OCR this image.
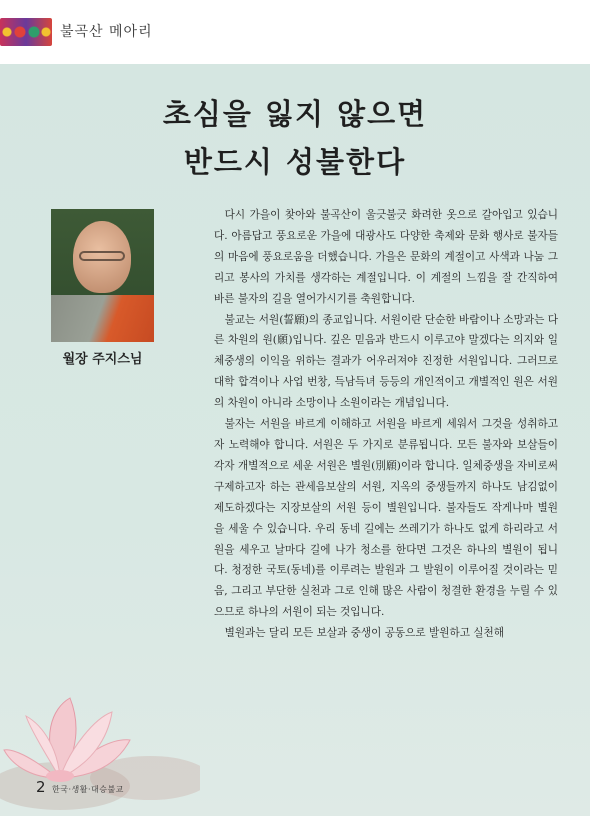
불곡산 메아리
초심을 잃지 않으면
반드시 성불한다
월장 주지스님

다시 가을이 찾아와 불곡산이 울긋불긋 화려한 옷으로 갈아입고 있습니다. 아름답고 풍요로운 가을에 대광사도 다양한 축제와 문화 행사로 불자들의 마음에 풍요로움을 더했습니다. 가을은 문화의 계절이고 사색과 나눔 그리고 봉사의 가치를 생각하는 계절입니다. 이 계절의 느낌을 잘 간직하여 바른 불자의 길을 열어가시기를 축원합니다.

불교는 서원(誓願)의 종교입니다. 서원이란 단순한 바람이나 소망과는 다른 차원의 원(願)입니다. 깊은 믿음과 반드시 이루고야 말겠다는 의지와 일체중생의 이익을 위하는 결과가 어우러져야 진정한 서원입니다. 그러므로 대학 합격이나 사업 번창, 득남득녀 등등의 개인적이고 개별적인 원은 서원의 차원이 아니라 소망이나 소원이라는 개념입니다.

불자는 서원을 바르게 이해하고 서원을 바르게 세워서 그것을 성취하고자 노력해야 합니다. 서원은 두 가지로 분류됩니다. 모든 불자와 보살들이 각자 개별적으로 세운 서원은 별원(別願)이라 합니다. 일체중생을 자비로써 구제하고자 하는 관세음보살의 서원, 지옥의 중생들까지 하나도 남김없이 제도하겠다는 지장보살의 서원 등이 별원입니다. 불자들도 작게나마 별원을 세울 수 있습니다. 우리 동네 길에는 쓰레기가 하나도 없게 하리라고 서원을 세우고 날마다 길에 나가 청소를 한다면 그것은 하나의 별원이 됩니다. 청정한 국토(동네)를 이루려는 발원과 그 발원이 이루어질 것이라는 믿음, 그리고 부단한 실천과 그로 인해 많은 사람이 청결한 환경을 누릴 수 있으므로 하나의 서원이 되는 것입니다.

별원과는 달리 모든 보살과 중생이 공동으로 발원하고 실천해

2 한국·생활·대승불교
